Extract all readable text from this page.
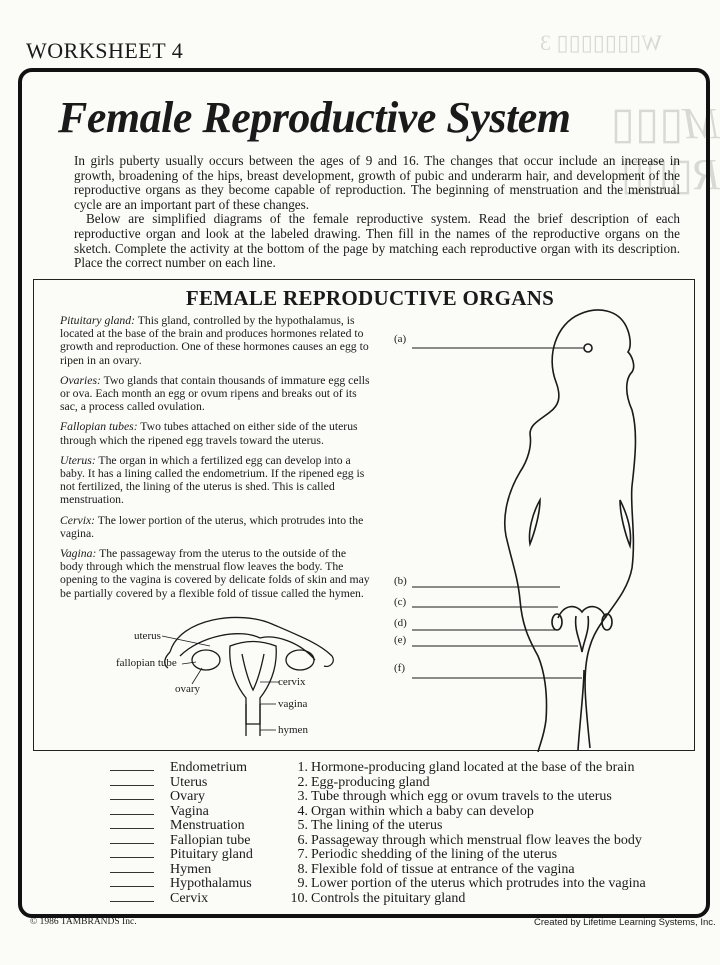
W▯▯▯▯▯▯▯ 3
M▯▯▯ R▯▯▯
WORKSHEET 4
Female Reproductive System

In girls puberty usually occurs between the ages of 9 and 16. The changes that occur include an increase in growth, broadening of the hips, breast development, growth of pubic and underarm hair, and development of the reproductive organs as they become capable of reproduction. The beginning of menstruation and the menstrual cycle are an important part of these changes.

Below are simplified diagrams of the female reproductive system. Read the brief description of each reproductive organ and look at the labeled drawing. Then fill in the names of the reproductive organs on the sketch. Complete the activity at the bottom of the page by matching each reproductive organ with its description. Place the correct number on each line.

FEMALE REPRODUCTIVE ORGANS

Pituitary gland: This gland, controlled by the hypothalamus, is located at the base of the brain and produces hormones related to growth and reproduction. One of these hormones causes an egg to ripen in an ovary.

Ovaries: Two glands that contain thousands of immature egg cells or ova. Each month an egg or ovum ripens and breaks out of its sac, a process called ovulation.

Fallopian tubes: Two tubes attached on either side of the uterus through which the ripened egg travels toward the uterus.

Uterus: The organ in which a fertilized egg can develop into a baby. It has a lining called the endometrium. If the ripened egg is not fertilized, the lining of the uterus is shed. This is called menstruation.

Cervix: The lower portion of the uterus, which protrudes into the vagina.

Vagina: The passageway from the uterus to the outside of the body through which the menstrual flow leaves the body. The opening to the vagina is covered by delicate folds of skin and may be partially covered by a flexible fold of tissue called the hymen.

uterus
fallopian tube
ovary
cervix
vagina
hymen
(a)
(b)
(c)
(d)
(e)
(f)
Endometrium	1. Hormone-producing gland located at the base of the brain
Uterus	2. Egg-producing gland
Ovary	3. Tube through which egg or ovum travels to the uterus
Vagina	4. Organ within which a baby can develop
Menstruation	5. The lining of the uterus
Fallopian tube	6. Passageway through which menstrual flow leaves the body
Pituitary gland	7. Periodic shedding of the lining of the uterus
Hymen	8. Flexible fold of tissue at entrance of the vagina
Hypothalamus	9. Lower portion of the uterus which protrudes into the vagina
Cervix	10. Controls the pituitary gland
© 1986 TAMBRANDS Inc.	Created by Lifetime Learning Systems, Inc.
